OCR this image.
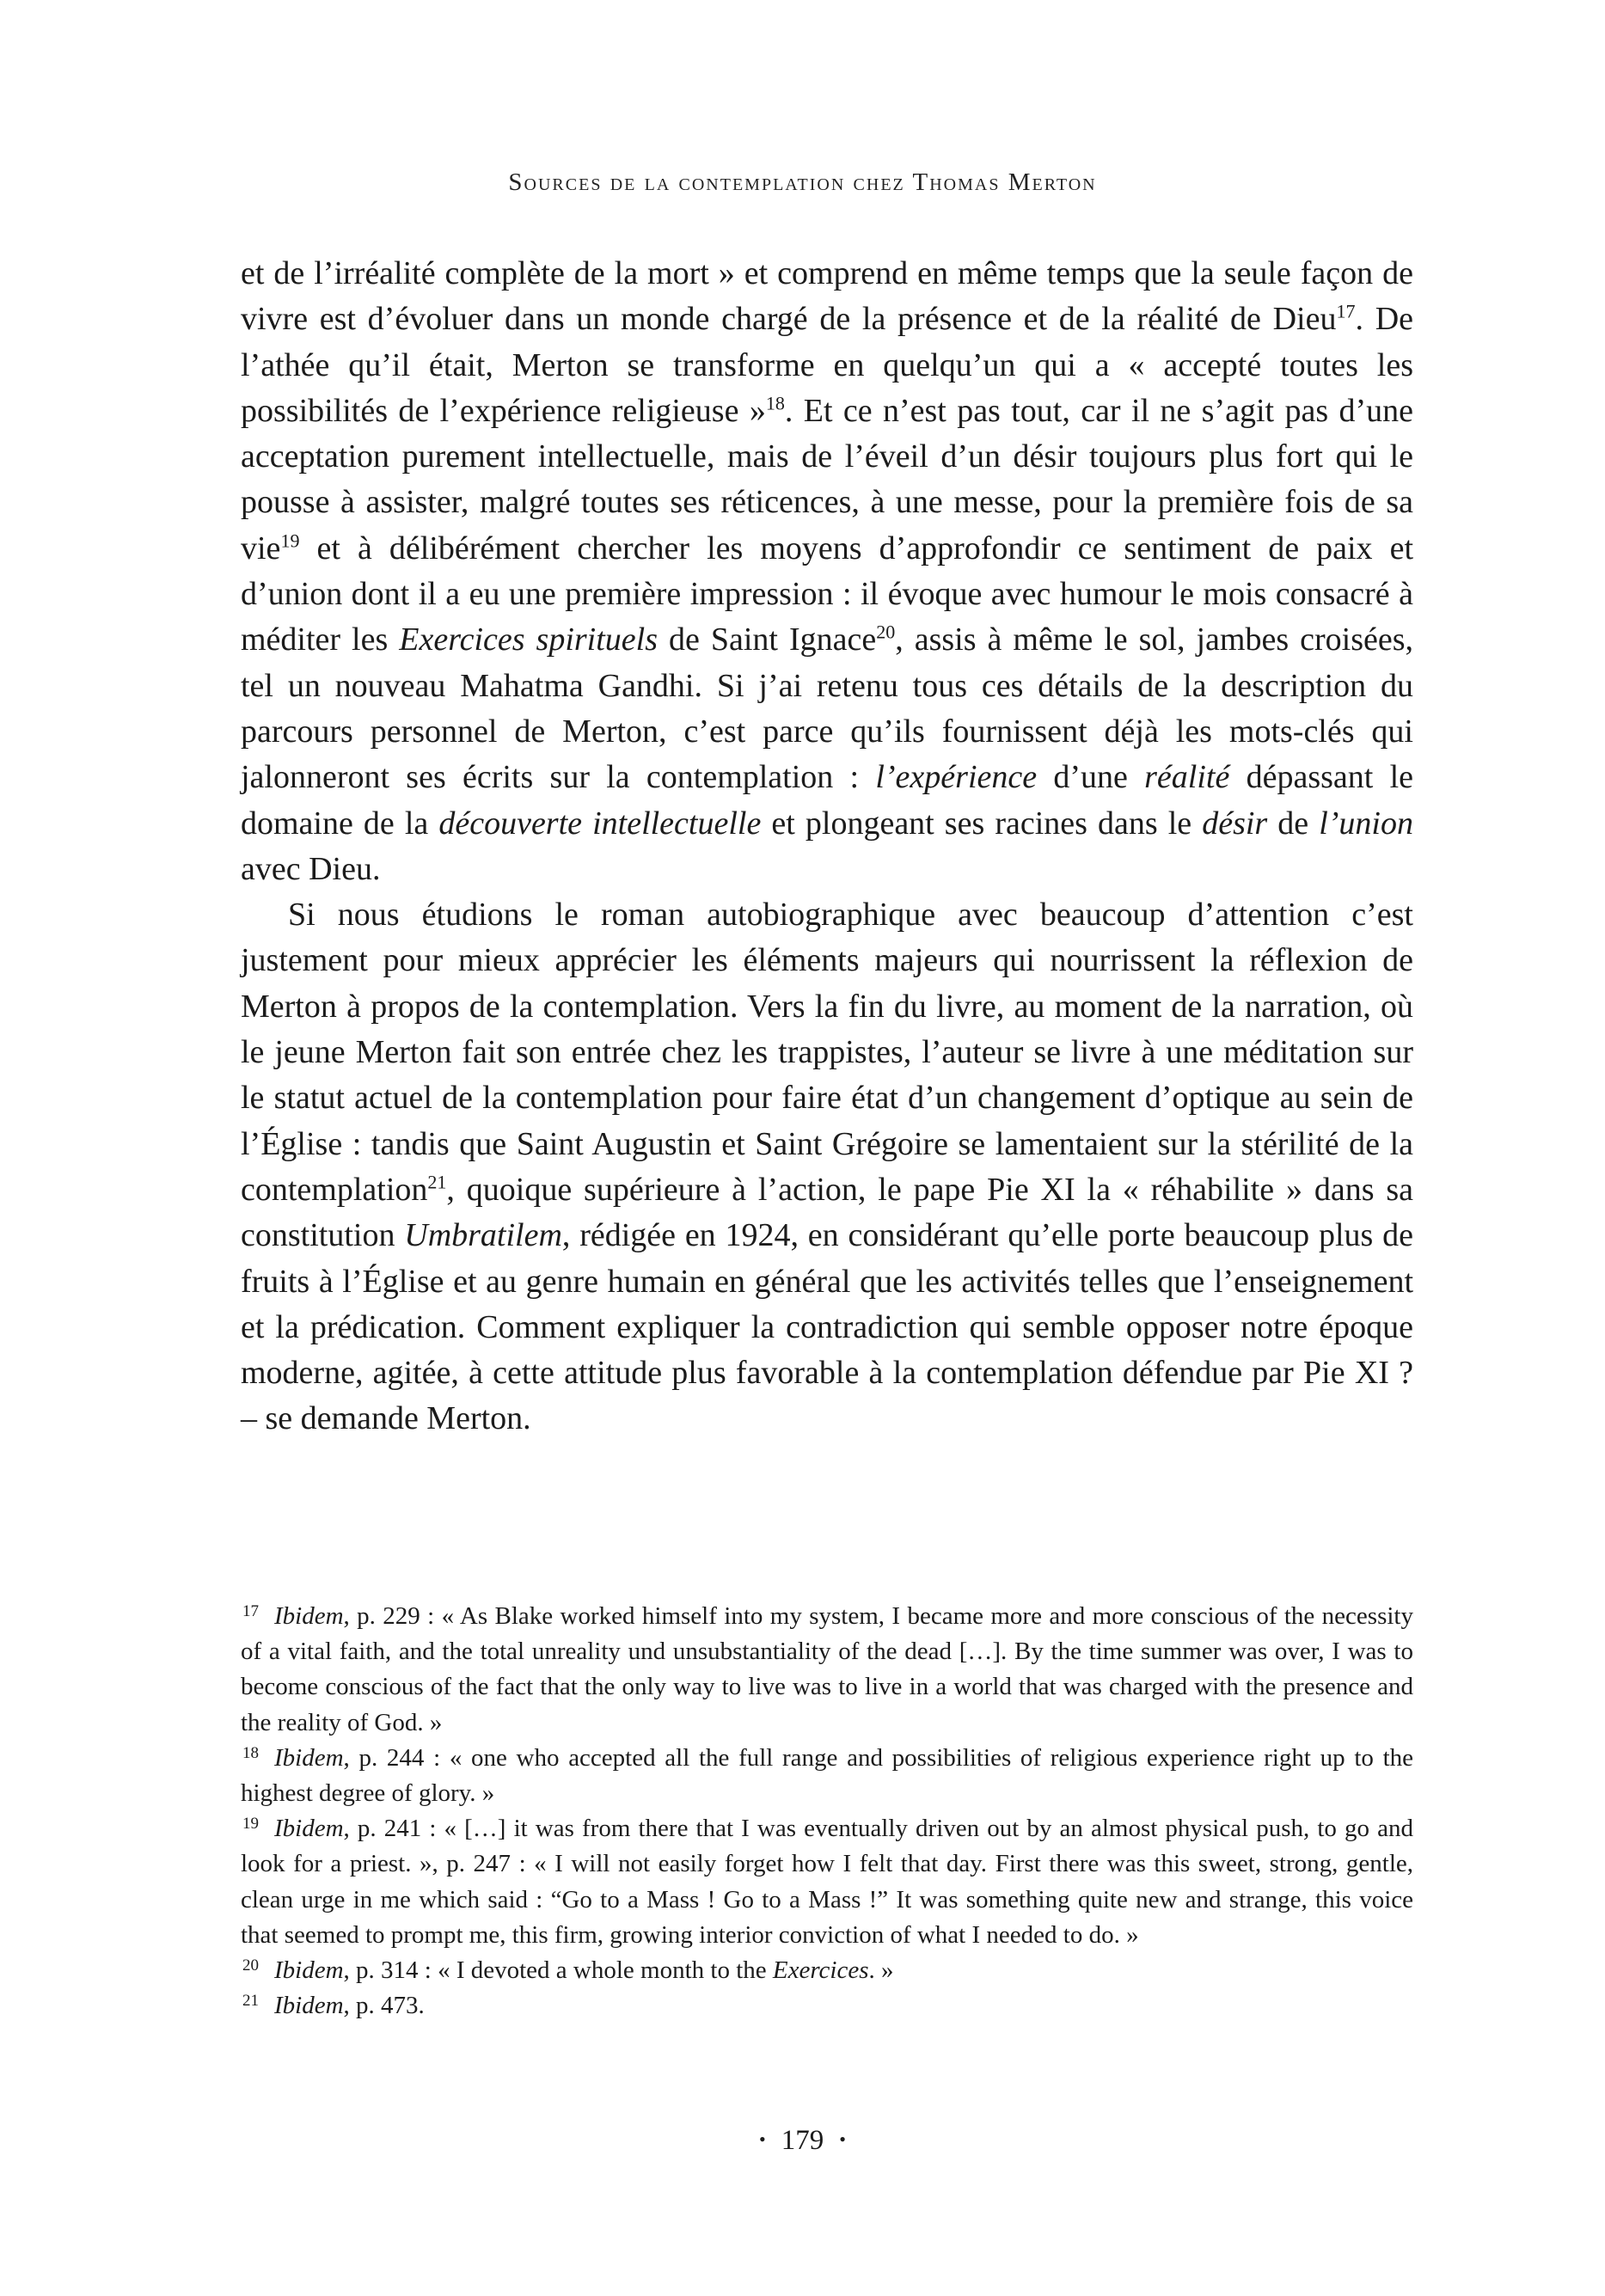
Sources de la contemplation chez Thomas Merton

et de l’irréalité complète de la mort » et comprend en même temps que la seule façon de vivre est d’évoluer dans un monde chargé de la présence et de la réalité de Dieu$^{17}$. De l’athée qu’il était, Merton se transforme en quelqu’un qui a « accepté toutes les possibilités de l’expérience religieuse »$^{18}$. Et ce n’est pas tout, car il ne s’agit pas d’une acceptation purement intellectuelle, mais de l’éveil d’un désir toujours plus fort qui le pousse à assister, malgré toutes ses réticences, à une messe, pour la première fois de sa vie$^{19}$ et à délibérément chercher les moyens d’approfondir ce sentiment de paix et d’union dont il a eu une première impression : il évoque avec humour le mois consacré à méditer les Exercices spirituels de Saint Ignace$^{20}$, assis à même le sol, jambes croisées, tel un nouveau Mahatma Gandhi. Si j’ai retenu tous ces détails de la description du parcours personnel de Merton, c’est parce qu’ils fournissent déjà les mots-clés qui jalonneront ses écrits sur la contemplation : l’expérience d’une réalité dépassant le domaine de la découverte intellectuelle et plongeant ses racines dans le désir de l’union avec Dieu.

Si nous étudions le roman autobiographique avec beaucoup d’attention c’est justement pour mieux apprécier les éléments majeurs qui nourrissent la réflexion de Merton à propos de la contemplation. Vers la fin du livre, au moment de la narration, où le jeune Merton fait son entrée chez les trappistes, l’auteur se livre à une méditation sur le statut actuel de la contemplation pour faire état d’un changement d’optique au sein de l’Église : tandis que Saint Augustin et Saint Grégoire se lamentaient sur la stérilité de la contemplation$^{21}$, quoique supérieure à l’action, le pape Pie XI la « réhabilite » dans sa constitution Umbratilem, rédigée en 1924, en considérant qu’elle porte beaucoup plus de fruits à l’Église et au genre humain en général que les activités telles que l’enseignement et la prédication. Comment expliquer la contradiction qui semble opposer notre époque moderne, agitée, à cette attitude plus favorable à la contemplation défendue par Pie XI ? – se demande Merton.

$^{17}$ Ibidem, p. 229 : « As Blake worked himself into my system, I became more and more conscious of the necessity of a vital faith, and the total unreality und unsubstantiality of the dead […]. By the time summer was over, I was to become conscious of the fact that the only way to live was to live in a world that was charged with the presence and the reality of God. »

$^{18}$ Ibidem, p. 244 : « one who accepted all the full range and possibilities of religious experience right up to the highest degree of glory. »

$^{19}$ Ibidem, p. 241 : « […] it was from there that I was eventually driven out by an almost physical push, to go and look for a priest. », p. 247 : « I will not easily forget how I felt that day. First there was this sweet, strong, gentle, clean urge in me which said : “Go to a Mass ! Go to a Mass !” It was something quite new and strange, this voice that seemed to prompt me, this firm, growing interior conviction of what I needed to do. »

$^{20}$ Ibidem, p. 314 : « I devoted a whole month to the Exercices. »

$^{21}$ Ibidem, p. 473.

• 179 •
